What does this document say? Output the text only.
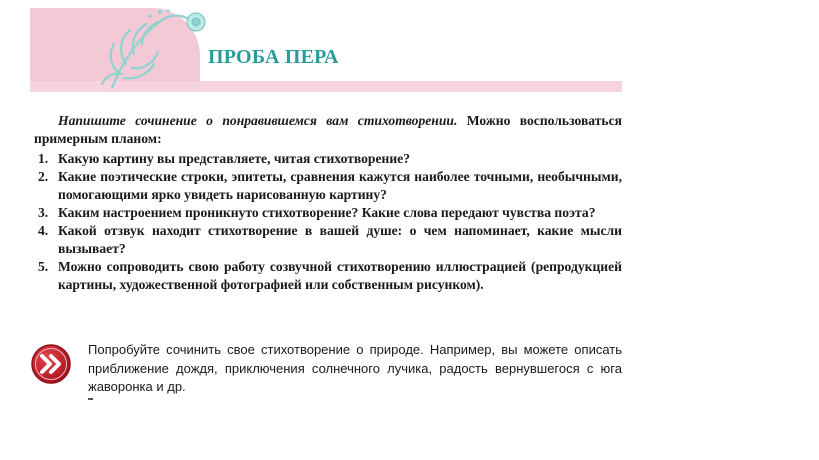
ПРОБА ПЕРА

Напишите сочинение о понравившемся вам стихотворении. Можно воспользоваться примерным планом:

1. Какую картину вы представляете, читая стихотворение?
2. Какие поэтические строки, эпитеты, сравнения кажутся наиболее точными, необычными, помогающими ярко увидеть нарисованную картину?
3. Каким настроением проникнуто стихотворение? Какие слова передают чувства поэта?
4. Какой отзвук находит стихотворение в вашей душе: о чем напоминает, какие мысли вызывает?
5. Можно сопроводить свою работу созвучной стихотворению иллюстрацией (репродукцией картины, художественной фотографией или собственным рисунком).
Попробуйте сочинить свое стихотворение о природе. Например, вы можете описать приближение дождя, приключения солнечного лучика, радость вернувшегося с юга жаворонка и др.
